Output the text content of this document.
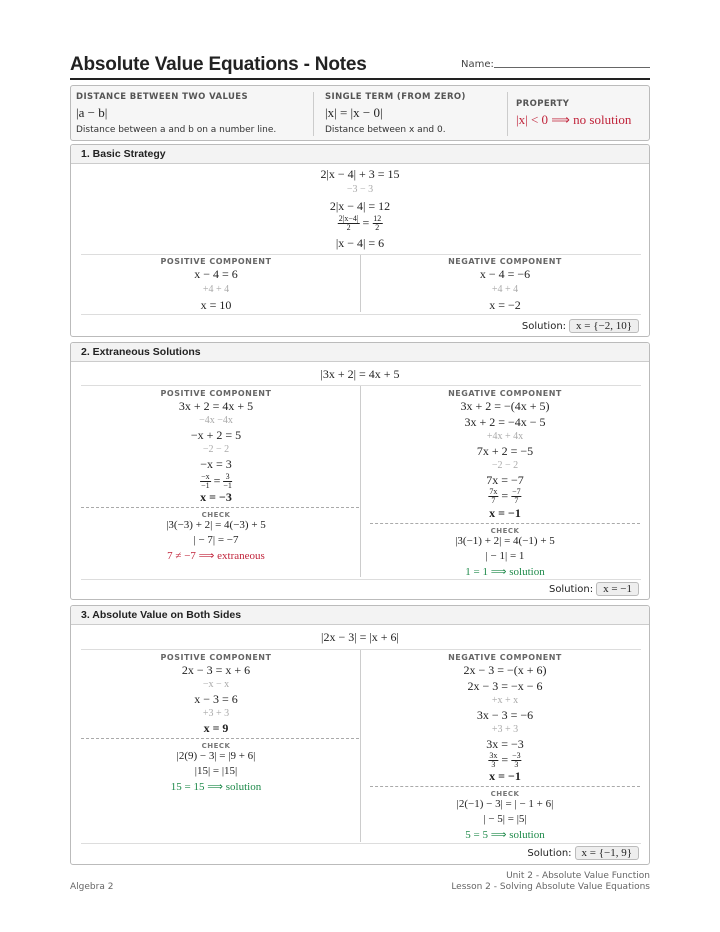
Absolute Value Equations - Notes	Name:
DISTANCE BETWEEN TWO VALUES
|a − b|
Distance between a and b on a number line.
SINGLE TERM (FROM ZERO)
|x| = |x − 0|
Distance between x and 0.
PROPERTY
|x| < 0 ⟹ no solution
1. Basic Strategy
2|x − 4| + 3 = 15
−3 − 3
2|x − 4| = 12
$\frac{2|x-4|}{2} = \frac{12}{2}$
|x − 4| = 6
POSITIVE COMPONENT
x − 4 = 6
+4 + 4
x = 10
NEGATIVE COMPONENT
x − 4 = −6
+4 + 4
x = −2
Solution: x = {−2, 10}
2. Extraneous Solutions
|3x + 2| = 4x + 5
POSITIVE COMPONENT
3x + 2 = 4x + 5
−4x −4x
−x + 2 = 5
−2 − 2
−x = 3
$\frac{-x}{-1} = \frac{3}{-1}$
x = −3
CHECK
|3(−3) + 2| = 4(−3) + 5
| − 7| = −7
7 ≠ −7 ⟹ extraneous
NEGATIVE COMPONENT
3x + 2 = −(4x + 5)
3x + 2 = −4x − 5
+4x + 4x
7x + 2 = −5
−2 − 2
7x = −7
$\frac{7x}{7} = \frac{-7}{7}$
x = −1
CHECK
|3(−1) + 2| = 4(−1) + 5
| − 1| = 1
1 = 1 ⟹ solution
Solution: x = −1
3. Absolute Value on Both Sides
|2x − 3| = |x + 6|
POSITIVE COMPONENT
2x − 3 = x + 6
−x − x
x − 3 = 6
+3 + 3
x = 9
CHECK
|2(9) − 3| = |9 + 6|
|15| = |15|
15 = 15 ⟹ solution
NEGATIVE COMPONENT
2x − 3 = −(x + 6)
2x − 3 = −x − 6
+x + x
3x − 3 = −6
+3 + 3
3x = −3
$\frac{3x}{3} = \frac{-3}{3}$
x = −1
CHECK
|2(−1) − 3| = | − 1 + 6|
| − 5| = |5|
5 = 5 ⟹ solution
Solution: x = {−1, 9}
Unit 2 - Absolute Value Function
Lesson 2 - Solving Absolute Value Equations
Algebra 2
